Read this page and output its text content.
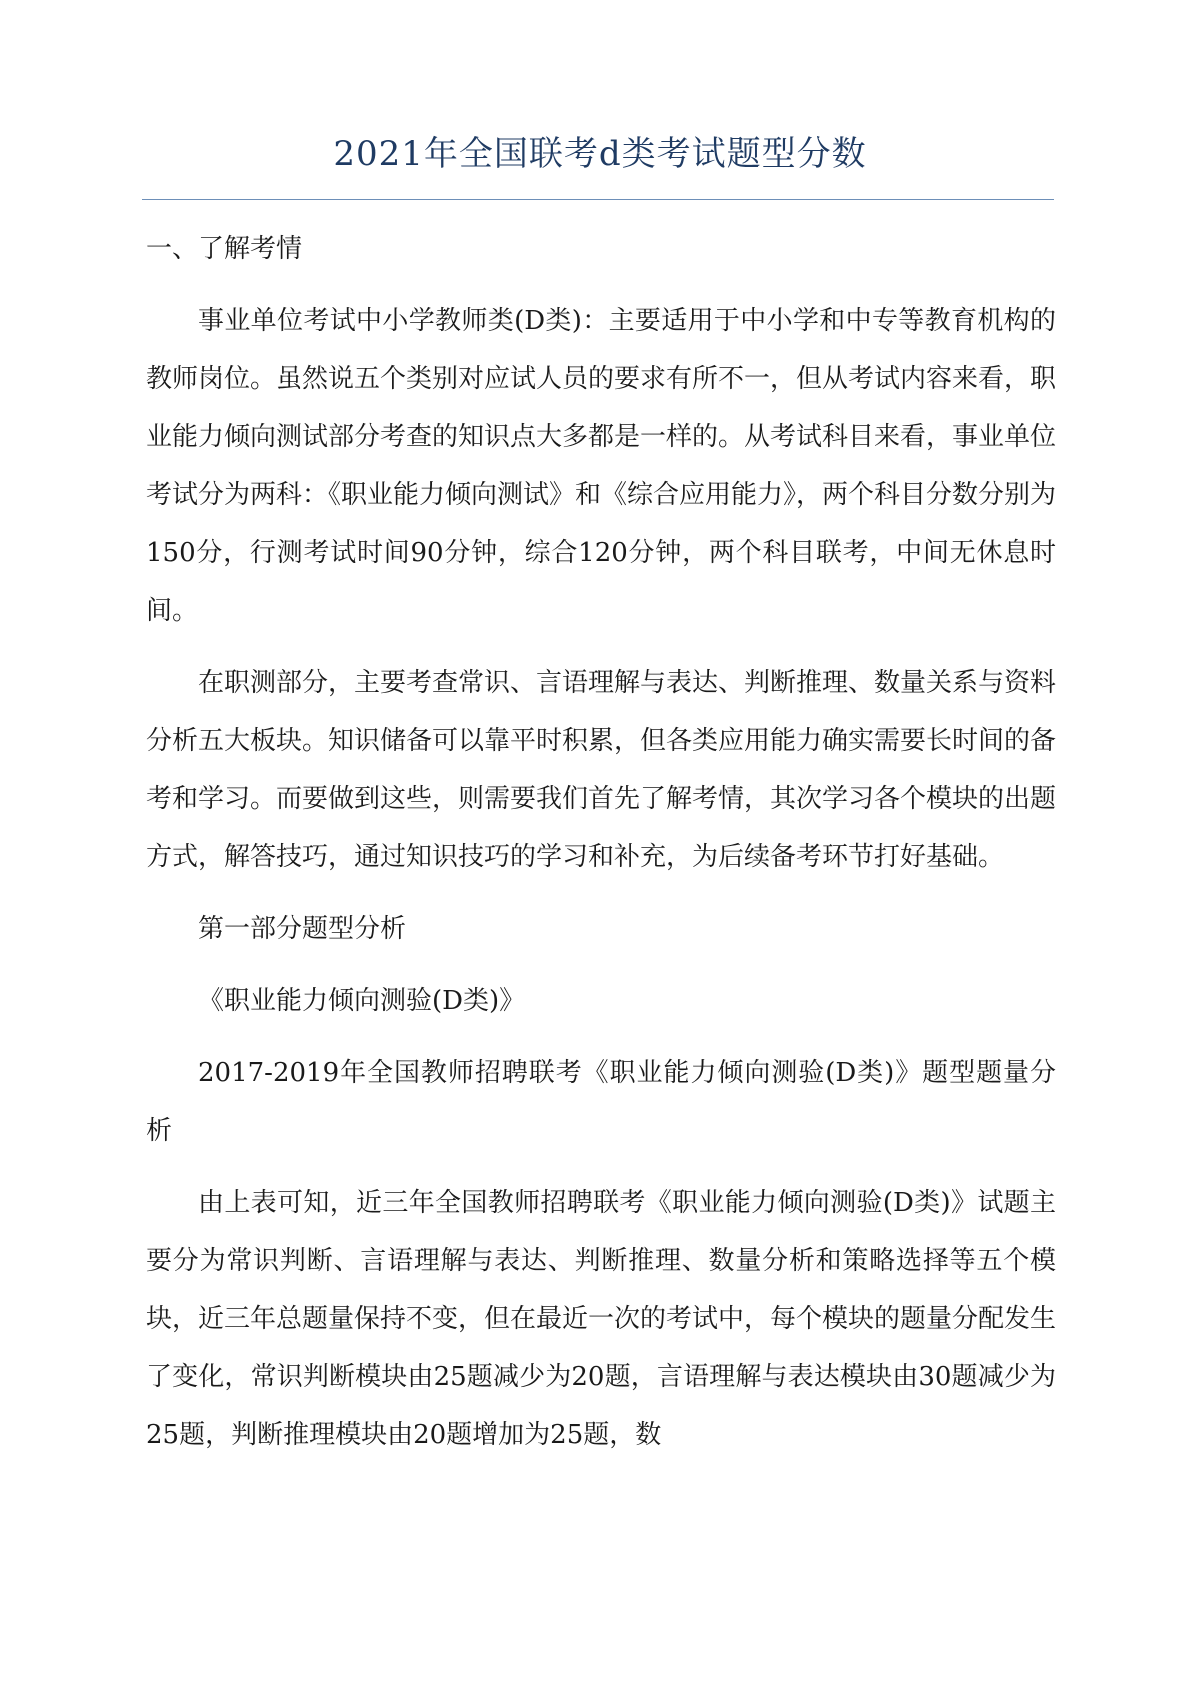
2021年全国联考d类考试题型分数

一、了解考情

事业单位考试中小学教师类(D类)：主要适用于中小学和中专等教育机构的教师岗位。虽然说五个类别对应试人员的要求有所不一，但从考试内容来看，职业能力倾向测试部分考查的知识点大多都是一样的。从考试科目来看，事业单位考试分为两科：《职业能力倾向测试》和《综合应用能力》，两个科目分数分别为150分，行测考试时间90分钟，综合120分钟，两个科目联考，中间无休息时间。

在职测部分，主要考查常识、言语理解与表达、判断推理、数量关系与资料分析五大板块。知识储备可以靠平时积累，但各类应用能力确实需要长时间的备考和学习。而要做到这些，则需要我们首先了解考情，其次学习各个模块的出题方式，解答技巧，通过知识技巧的学习和补充，为后续备考环节打好基础。

第一部分题型分析

《职业能力倾向测验(D类)》

2017-2019年全国教师招聘联考《职业能力倾向测验(D类)》题型题量分析

由上表可知，近三年全国教师招聘联考《职业能力倾向测验(D类)》试题主要分为常识判断、言语理解与表达、判断推理、数量分析和策略选择等五个模块，近三年总题量保持不变，但在最近一次的考试中，每个模块的题量分配发生了变化，常识判断模块由25题减少为20题，言语理解与表达模块由30题减少为25题，判断推理模块由20题增加为25题，数
